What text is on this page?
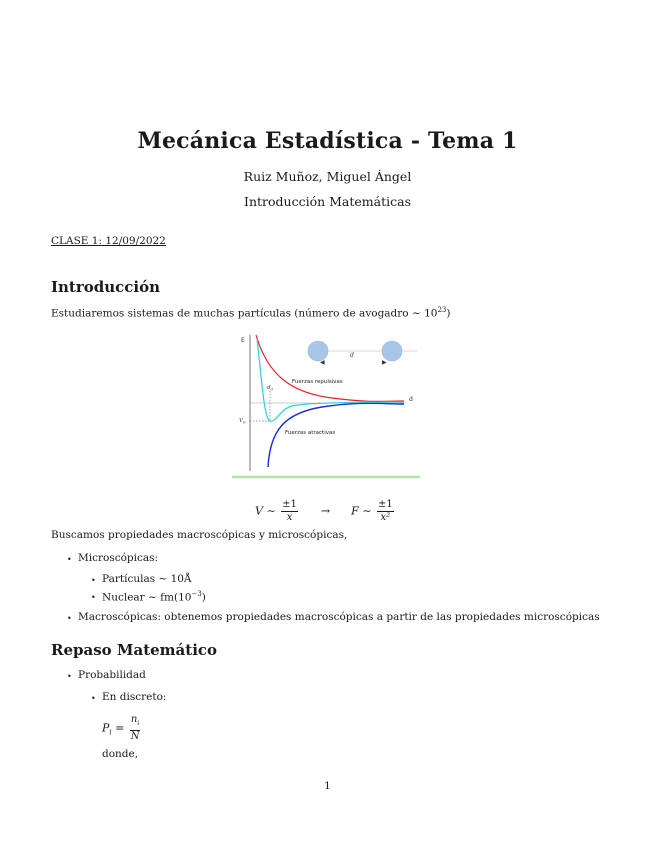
Mecánica Estadística - Tema 1
Ruiz Muñoz, Miguel Ángel
Introducción Matemáticas
CLASE 1: 12/09/2022
Introducción
Estudiaremos sistemas de muchas partículas (número de avogadro ∼ $10^{23}$)
E
d
◀	▶
d
$d_0$
$V_0$
Fuerzas repulsivas
Fuerzas atractivas
V ∼ $\frac{\pm 1}{x} \to F$ ∼ $\frac{\pm 1}{\text{x²}}$
Buscamos propiedades macroscópicas y microscópicas,
• Microscópicas:
• Partículas ∼ 10Å
• Nuclear ∼ $fm(10^{-3})$
• Macroscópicas: obtenemos propiedades macroscópicas a partir de las propiedades microscópicas
Repaso Matemático
• Probabilidad
• En discreto:
$P_i = \frac{n_i}{N}$
donde,
1
